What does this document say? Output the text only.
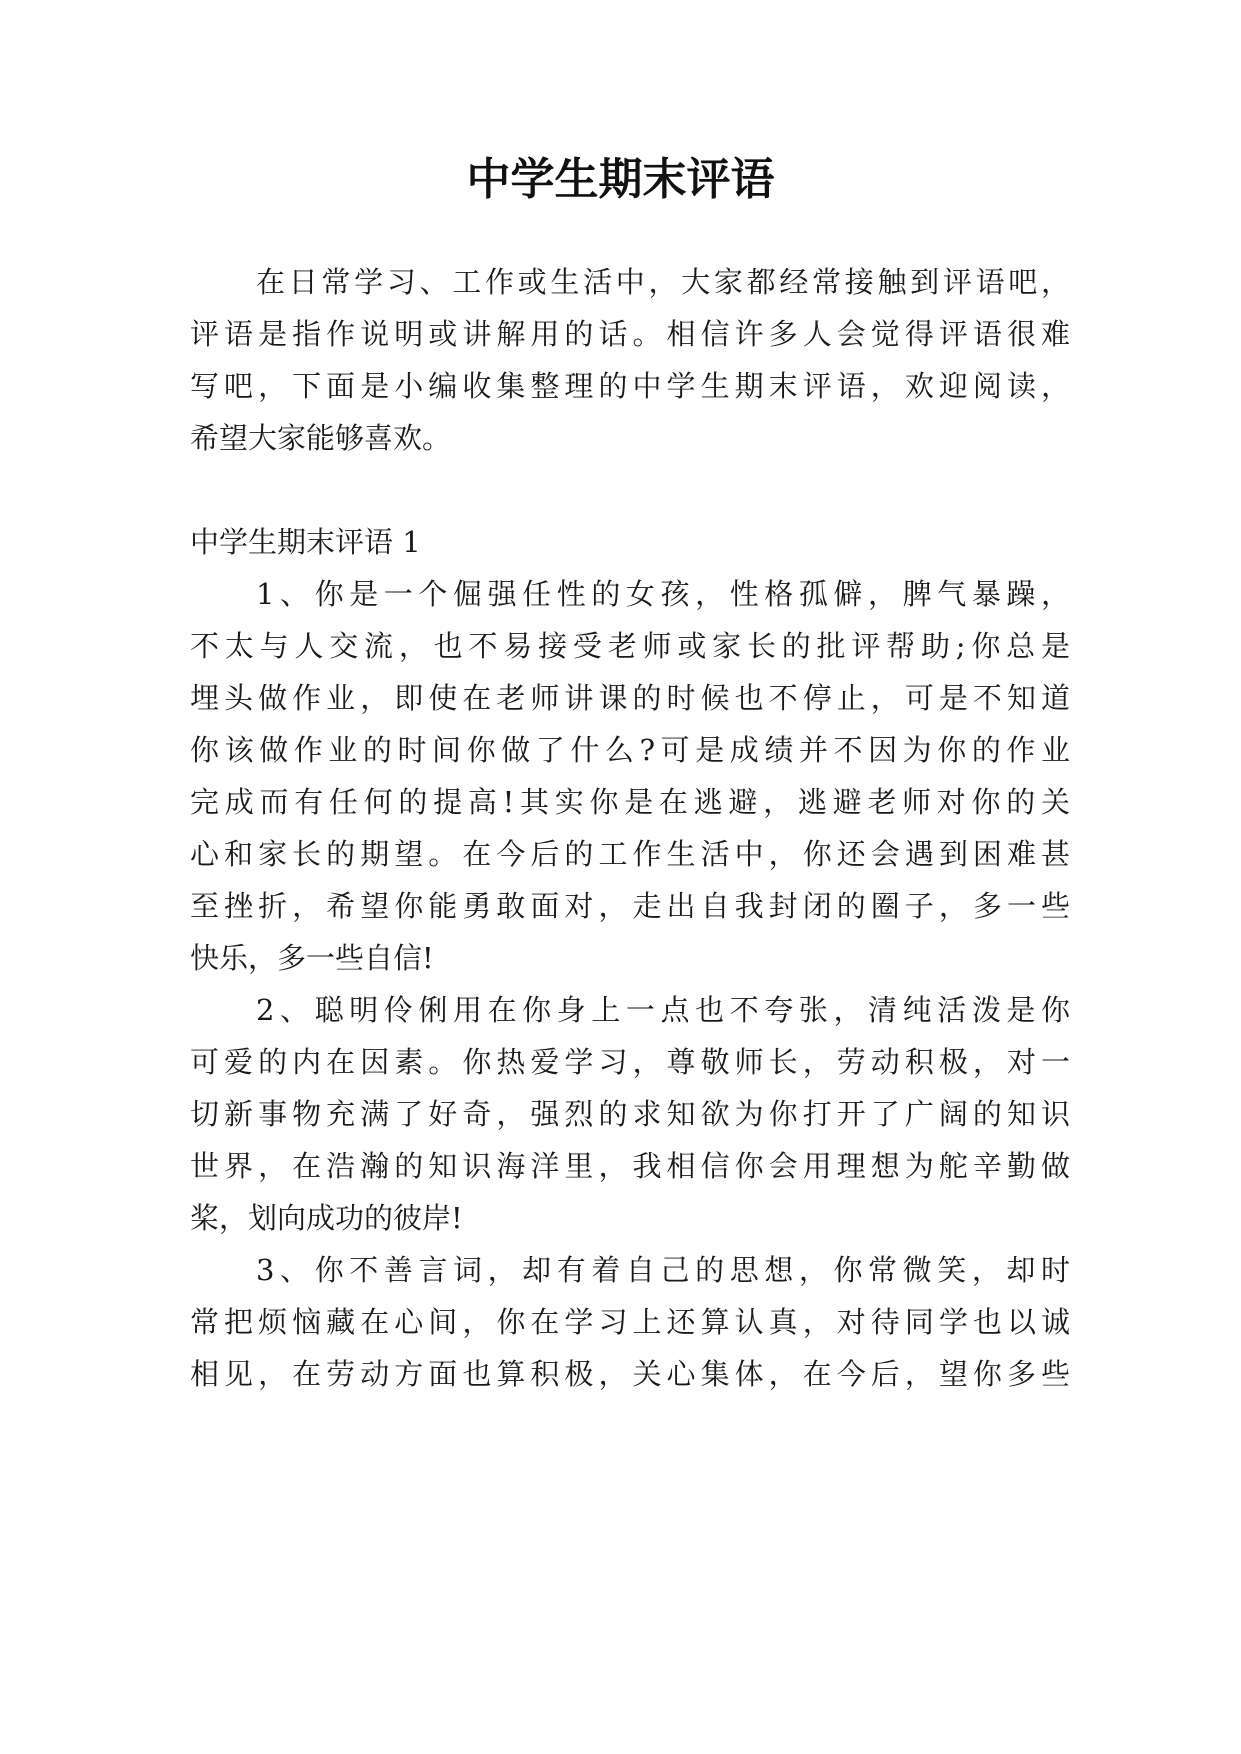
中学生期末评语

在日常学习、工作或生活中，大家都经常接触到评语吧，

评语是指作说明或讲解用的话。相信许多人会觉得评语很难

写吧，下面是小编收集整理的中学生期末评语，欢迎阅读，

希望大家能够喜欢。

中学生期末评语 1

1、你是一个倔强任性的女孩，性格孤僻，脾气暴躁，

不太与人交流，也不易接受老师或家长的批评帮助;你总是

埋头做作业，即使在老师讲课的时候也不停止，可是不知道

你该做作业的时间你做了什么?可是成绩并不因为你的作业

完成而有任何的提高!其实你是在逃避，逃避老师对你的关

心和家长的期望。在今后的工作生活中，你还会遇到困难甚

至挫折，希望你能勇敢面对，走出自我封闭的圈子，多一些

快乐，多一些自信!

2、聪明伶俐用在你身上一点也不夸张，清纯活泼是你

可爱的内在因素。你热爱学习，尊敬师长，劳动积极，对一

切新事物充满了好奇，强烈的求知欲为你打开了广阔的知识

世界，在浩瀚的知识海洋里，我相信你会用理想为舵辛勤做

桨，划向成功的彼岸!

3、你不善言词，却有着自己的思想，你常微笑，却时

常把烦恼藏在心间，你在学习上还算认真，对待同学也以诚

相见，在劳动方面也算积极，关心集体，在今后，望你多些
